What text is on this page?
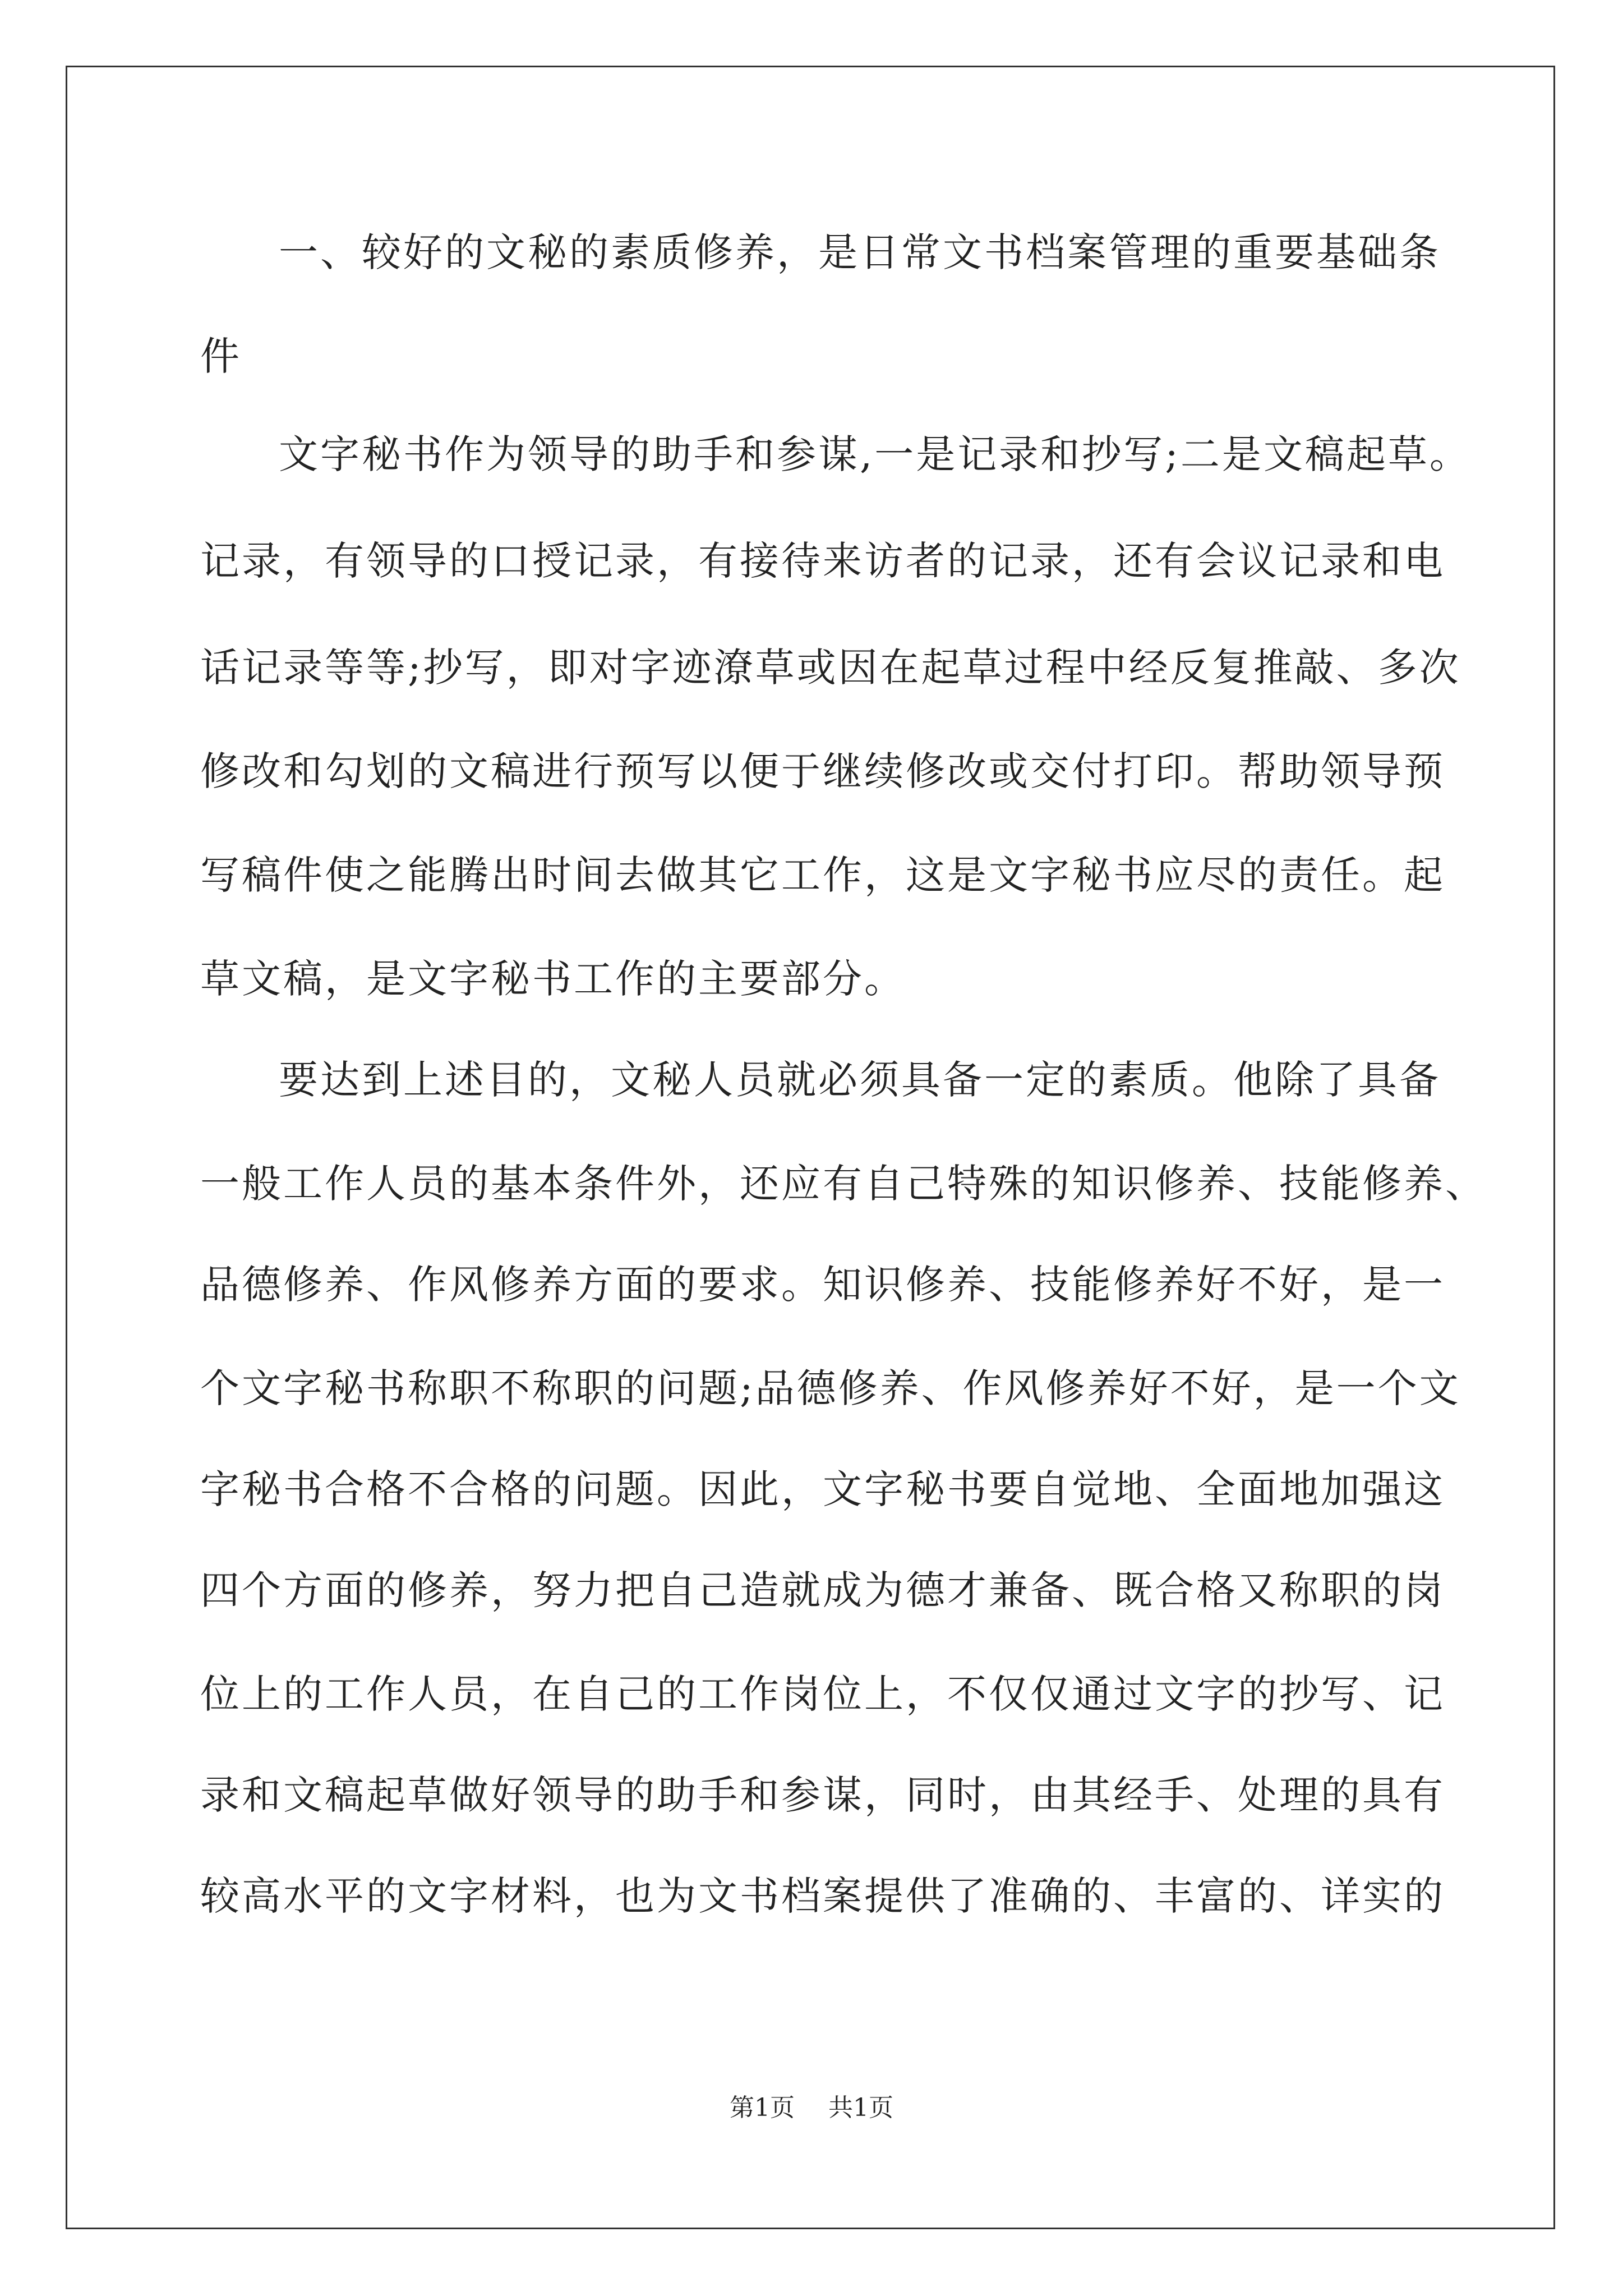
一、较好的文秘的素质修养，是日常文书档案管理的重要基础条
件
文字秘书作为领导的助手和参谋,一是记录和抄写;二是文稿起草。
记录，有领导的口授记录，有接待来访者的记录，还有会议记录和电
话记录等等;抄写，即对字迹潦草或因在起草过程中经反复推敲、多次
修改和勾划的文稿进行预写以便于继续修改或交付打印。帮助领导预
写稿件使之能腾出时间去做其它工作，这是文字秘书应尽的责任。起
草文稿，是文字秘书工作的主要部分。
要达到上述目的，文秘人员就必须具备一定的素质。他除了具备
一般工作人员的基本条件外，还应有自己特殊的知识修养、技能修养、
品德修养、作风修养方面的要求。知识修养、技能修养好不好，是一
个文字秘书称职不称职的问题;品德修养、作风修养好不好，是一个文
字秘书合格不合格的问题。因此，文字秘书要自觉地、全面地加强这
四个方面的修养，努力把自己造就成为德才兼备、既合格又称职的岗
位上的工作人员，在自己的工作岗位上，不仅仅通过文字的抄写、记
录和文稿起草做好领导的助手和参谋，同时，由其经手、处理的具有
较高水平的文字材料，也为文书档案提供了准确的、丰富的、详实的
第1页 共1页
